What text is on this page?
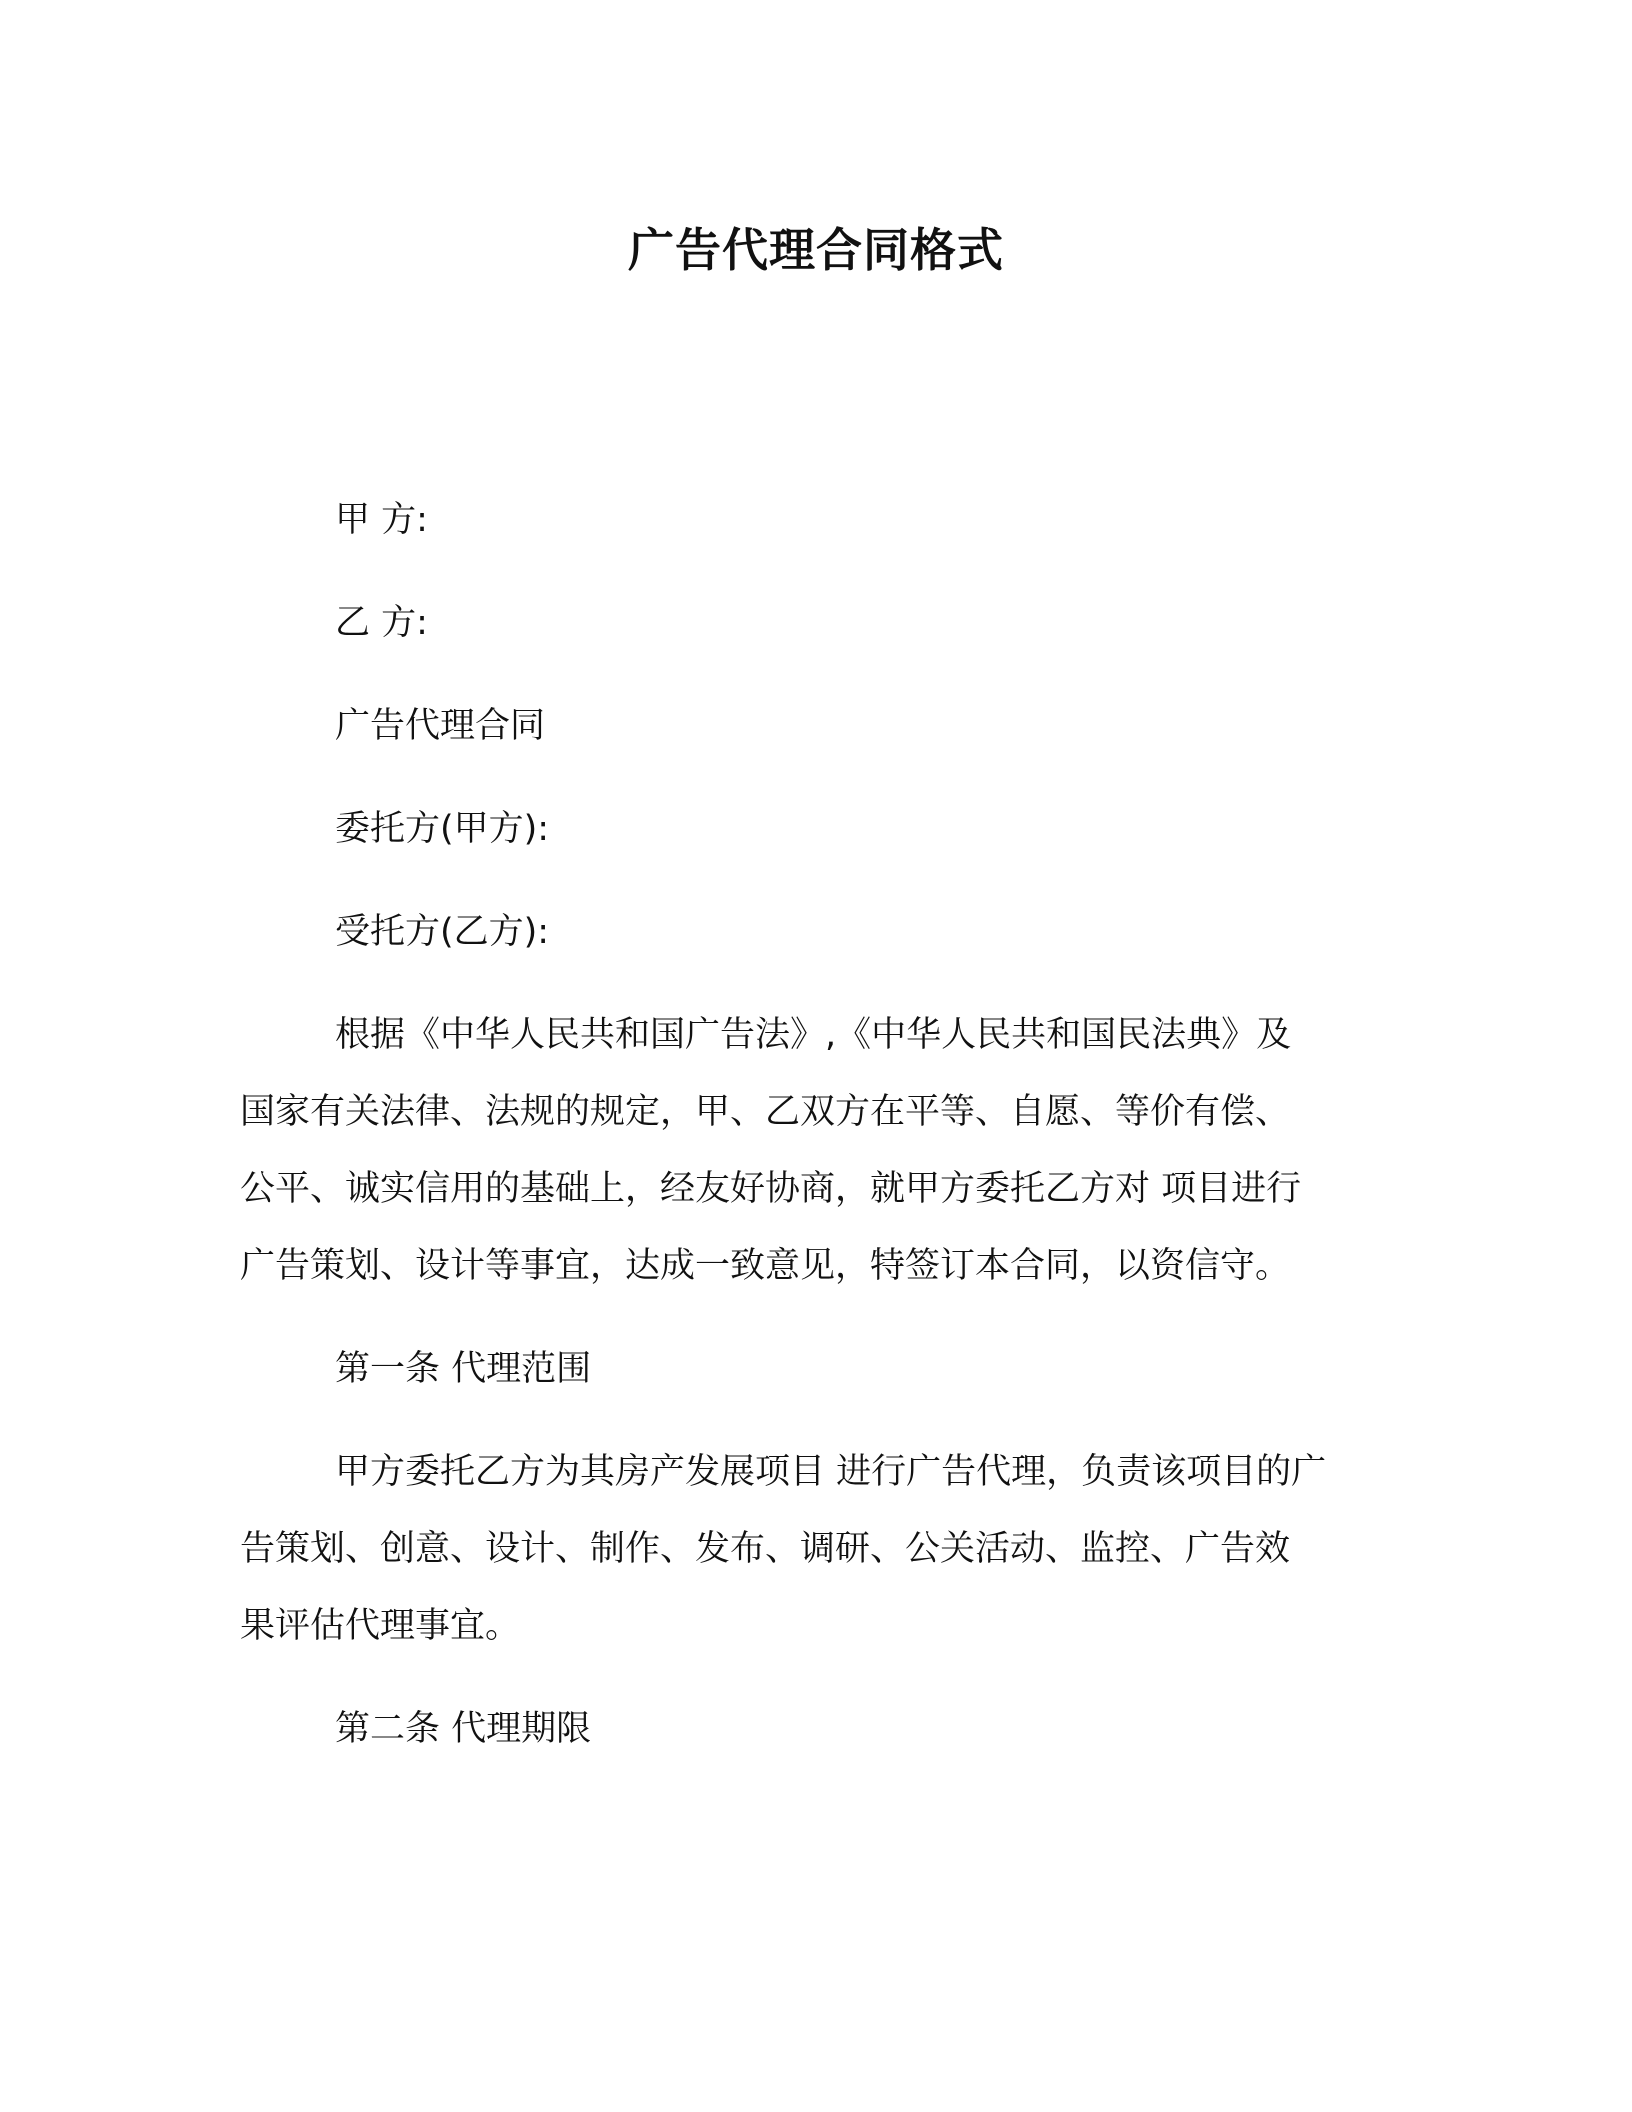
广告代理合同格式
甲 方:
乙 方:
广告代理合同
委托方(甲方):
受托方(乙方):
根据《中华人民共和国广告法》,《中华人民共和国民法典》及
国家有关法律、法规的规定，甲、乙双方在平等、自愿、等价有偿、
公平、诚实信用的基础上，经友好协商，就甲方委托乙方对 项目进行
广告策划、设计等事宜，达成一致意见，特签订本合同，以资信守。
第一条 代理范围
甲方委托乙方为其房产发展项目 进行广告代理，负责该项目的广
告策划、创意、设计、制作、发布、调研、公关活动、监控、广告效
果评估代理事宜。
第二条 代理期限
